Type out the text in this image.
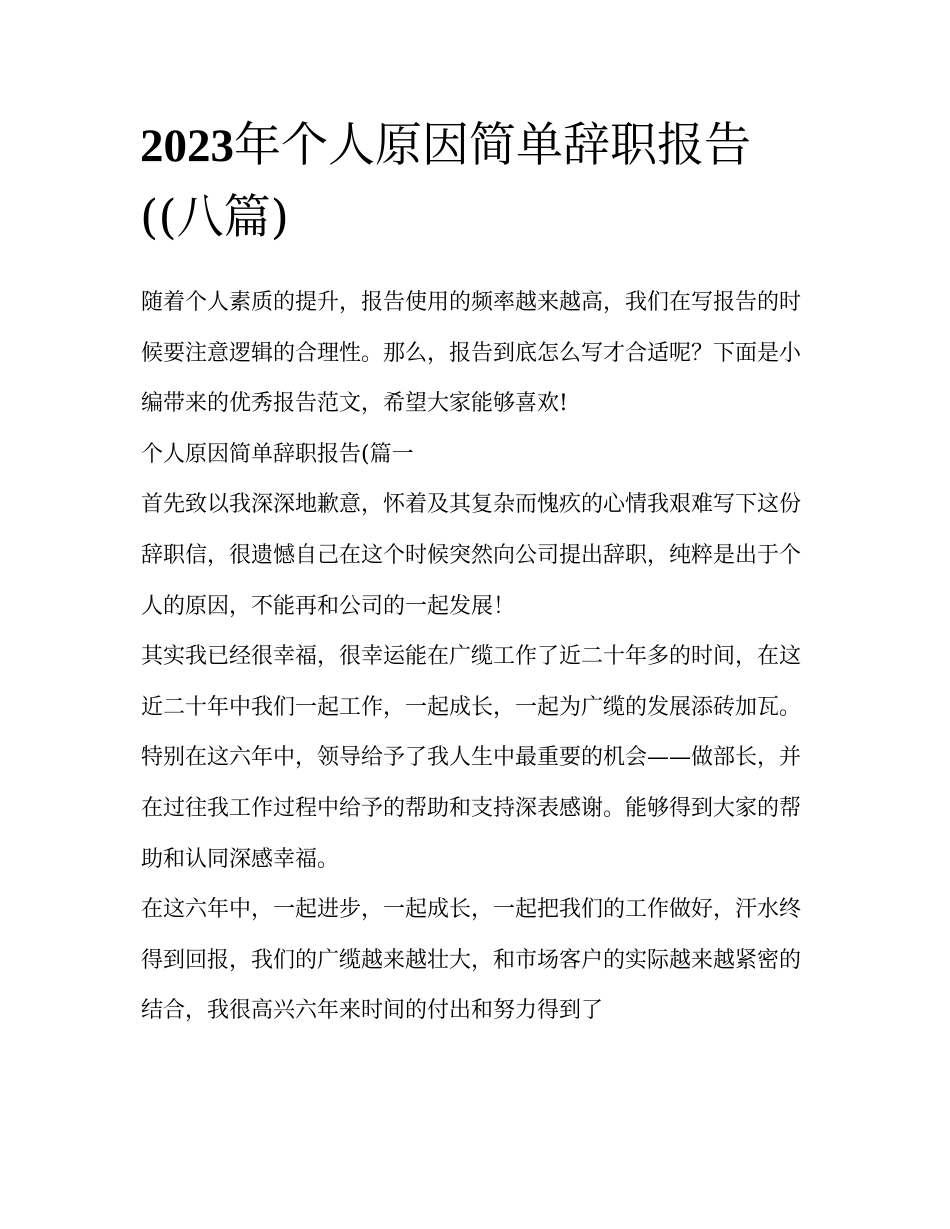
2023年个人原因简单辞职报告((八篇)

随着个人素质的提升，报告使用的频率越来越高，我们在写报告的时候要注意逻辑的合理性。那么，报告到底怎么写才合适呢？下面是小编带来的优秀报告范文，希望大家能够喜欢!

个人原因简单辞职报告(篇一

首先致以我深深地歉意，怀着及其复杂而愧疚的心情我艰难写下这份辞职信，很遗憾自己在这个时候突然向公司提出辞职，纯粹是出于个人的原因，不能再和公司的一起发展！

其实我已经很幸福，很幸运能在广缆工作了近二十年多的时间，在这近二十年中我们一起工作，一起成长，一起为广缆的发展添砖加瓦。

特别在这六年中，领导给予了我人生中最重要的机会——做部长，并在过往我工作过程中给予的帮助和支持深表感谢。能够得到大家的帮助和认同深感幸福。

在这六年中，一起进步，一起成长，一起把我们的工作做好，汗水终得到回报，我们的广缆越来越壮大，和市场客户的实际越来越紧密的结合，我很高兴六年来时间的付出和努力得到了
